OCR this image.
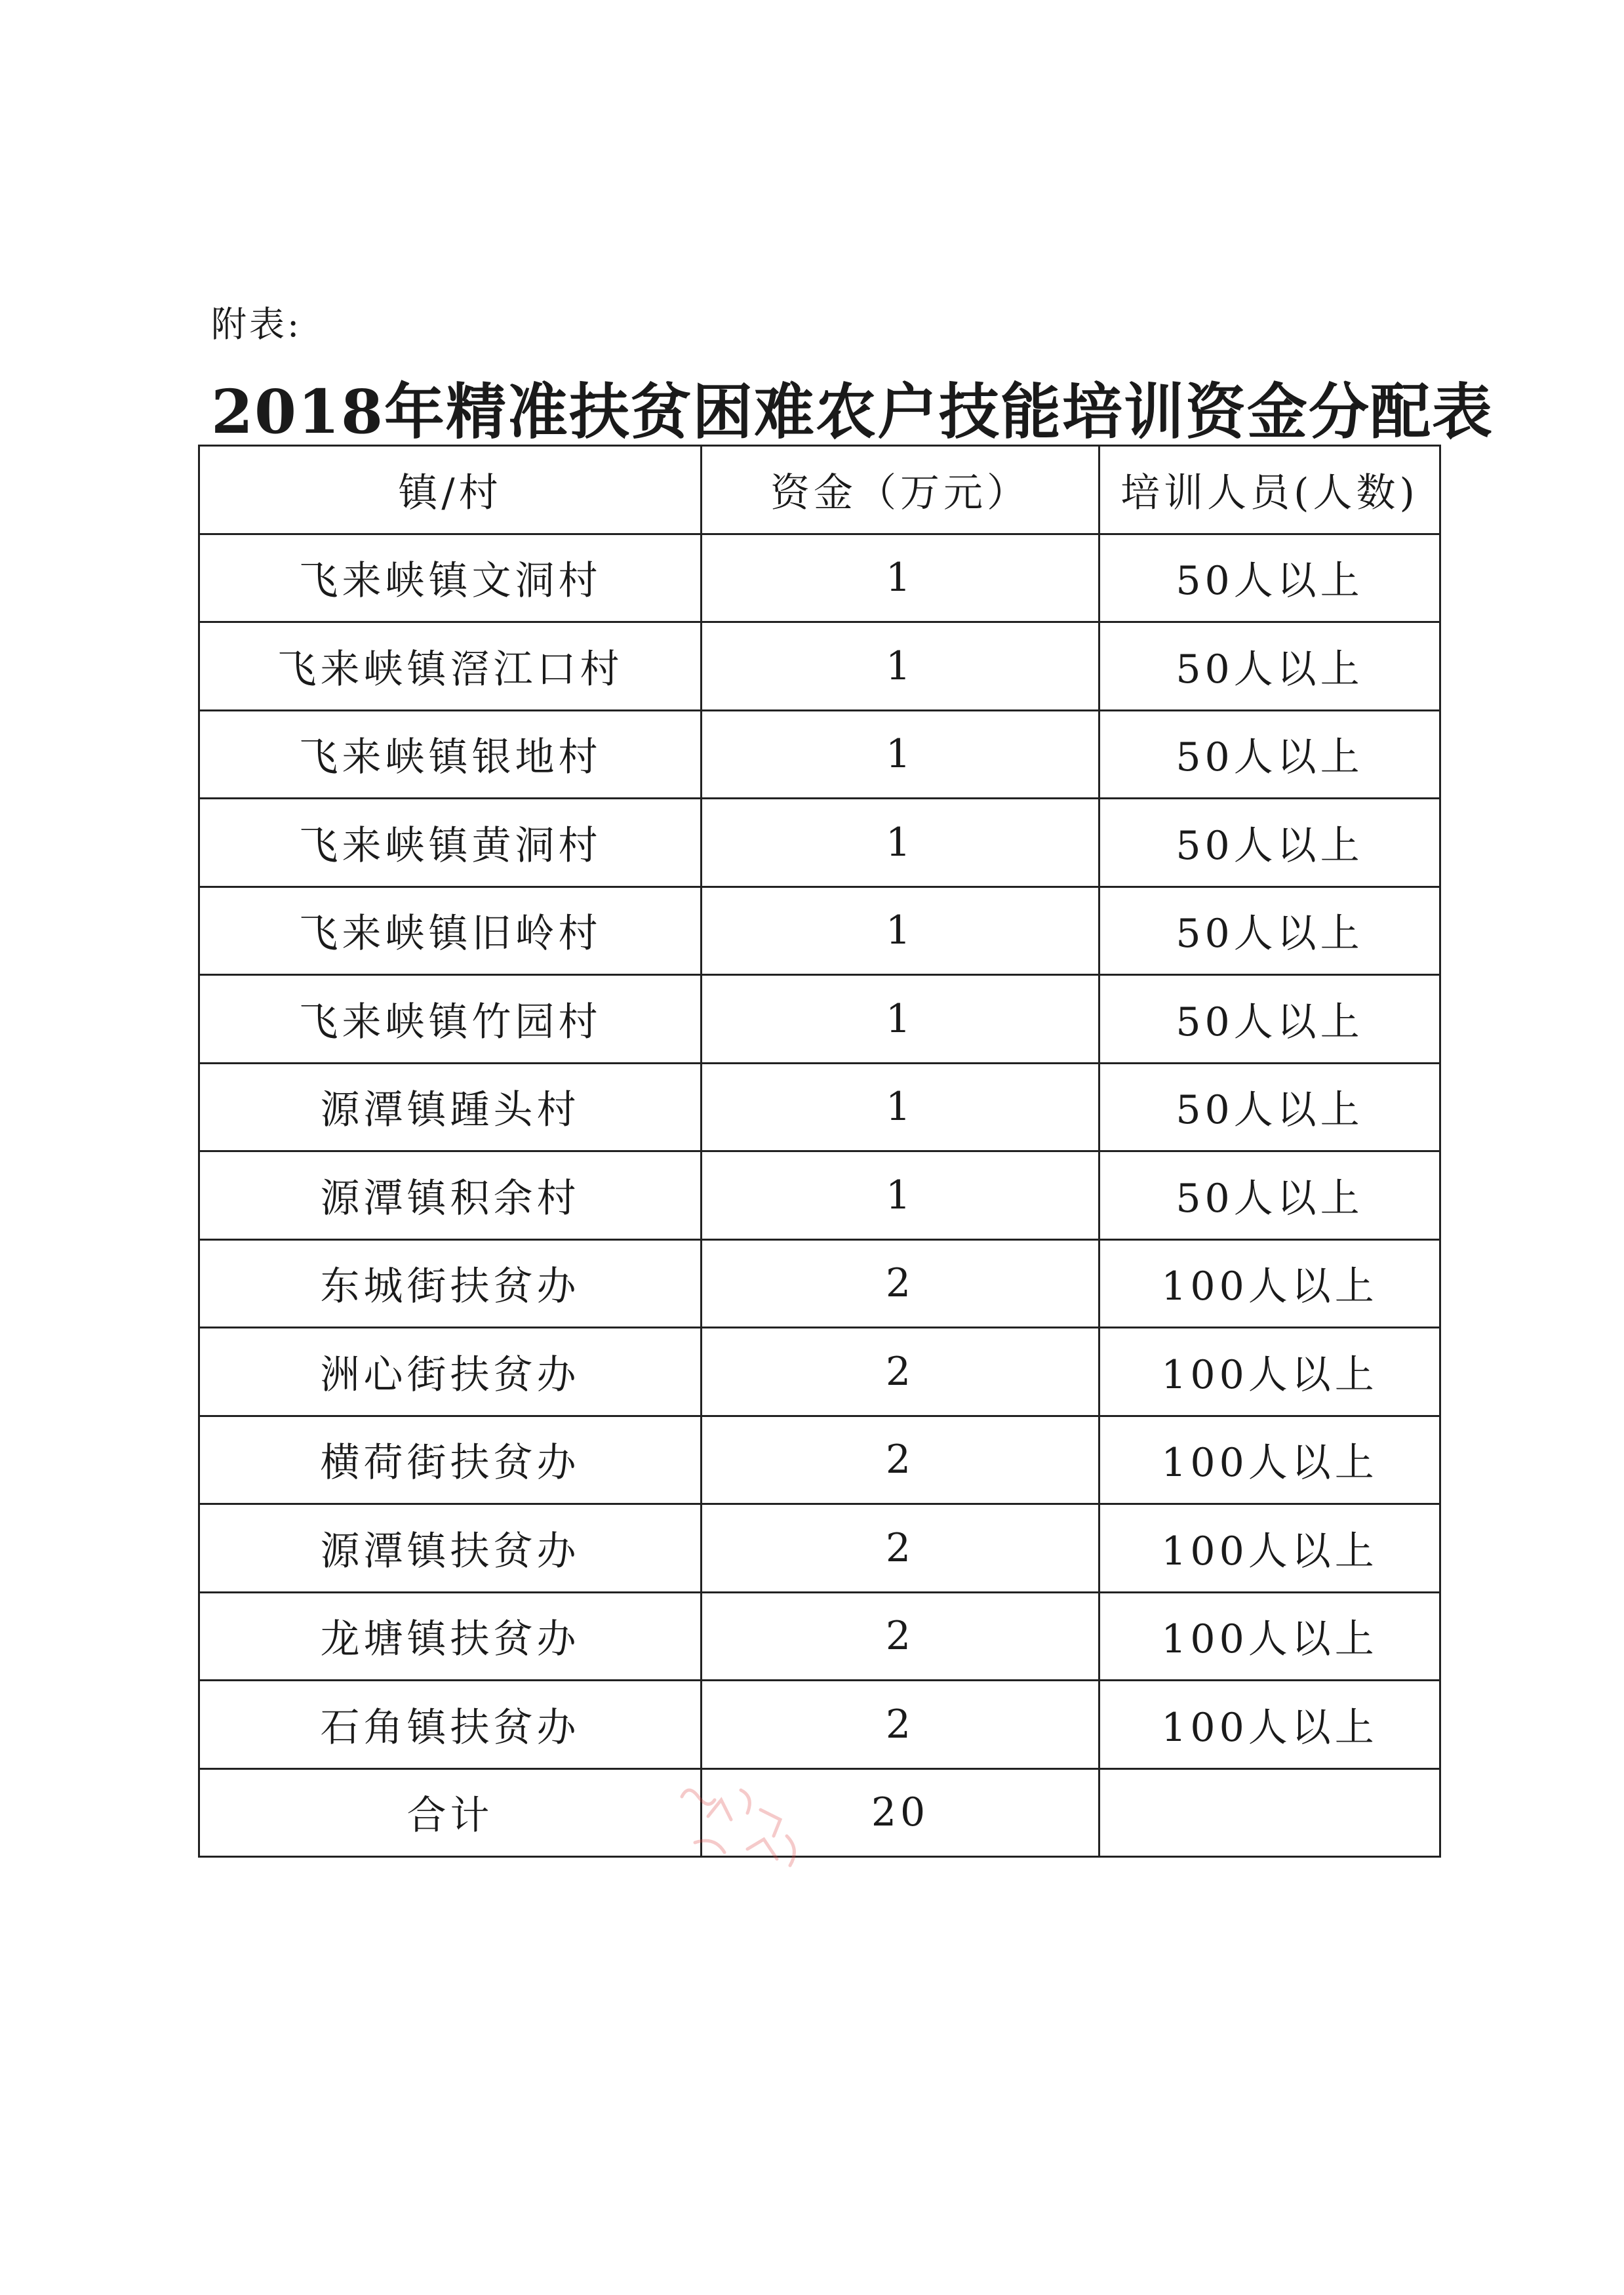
附表:
2018年精准扶贫困难农户技能培训资金分配表
镇/村	资金（万元）	培训人员(人数)
飞来峡镇文洞村	1	50人以上
飞来峡镇滘江口村	1	50人以上
飞来峡镇银地村	1	50人以上
飞来峡镇黄洞村	1	50人以上
飞来峡镇旧岭村	1	50人以上
飞来峡镇竹园村	1	50人以上
源潭镇踵头村	1	50人以上
源潭镇积余村	1	50人以上
东城街扶贫办	2	100人以上
洲心街扶贫办	2	100人以上
横荷街扶贫办	2	100人以上
源潭镇扶贫办	2	100人以上
龙塘镇扶贫办	2	100人以上
石角镇扶贫办	2	100人以上
合计	20	
